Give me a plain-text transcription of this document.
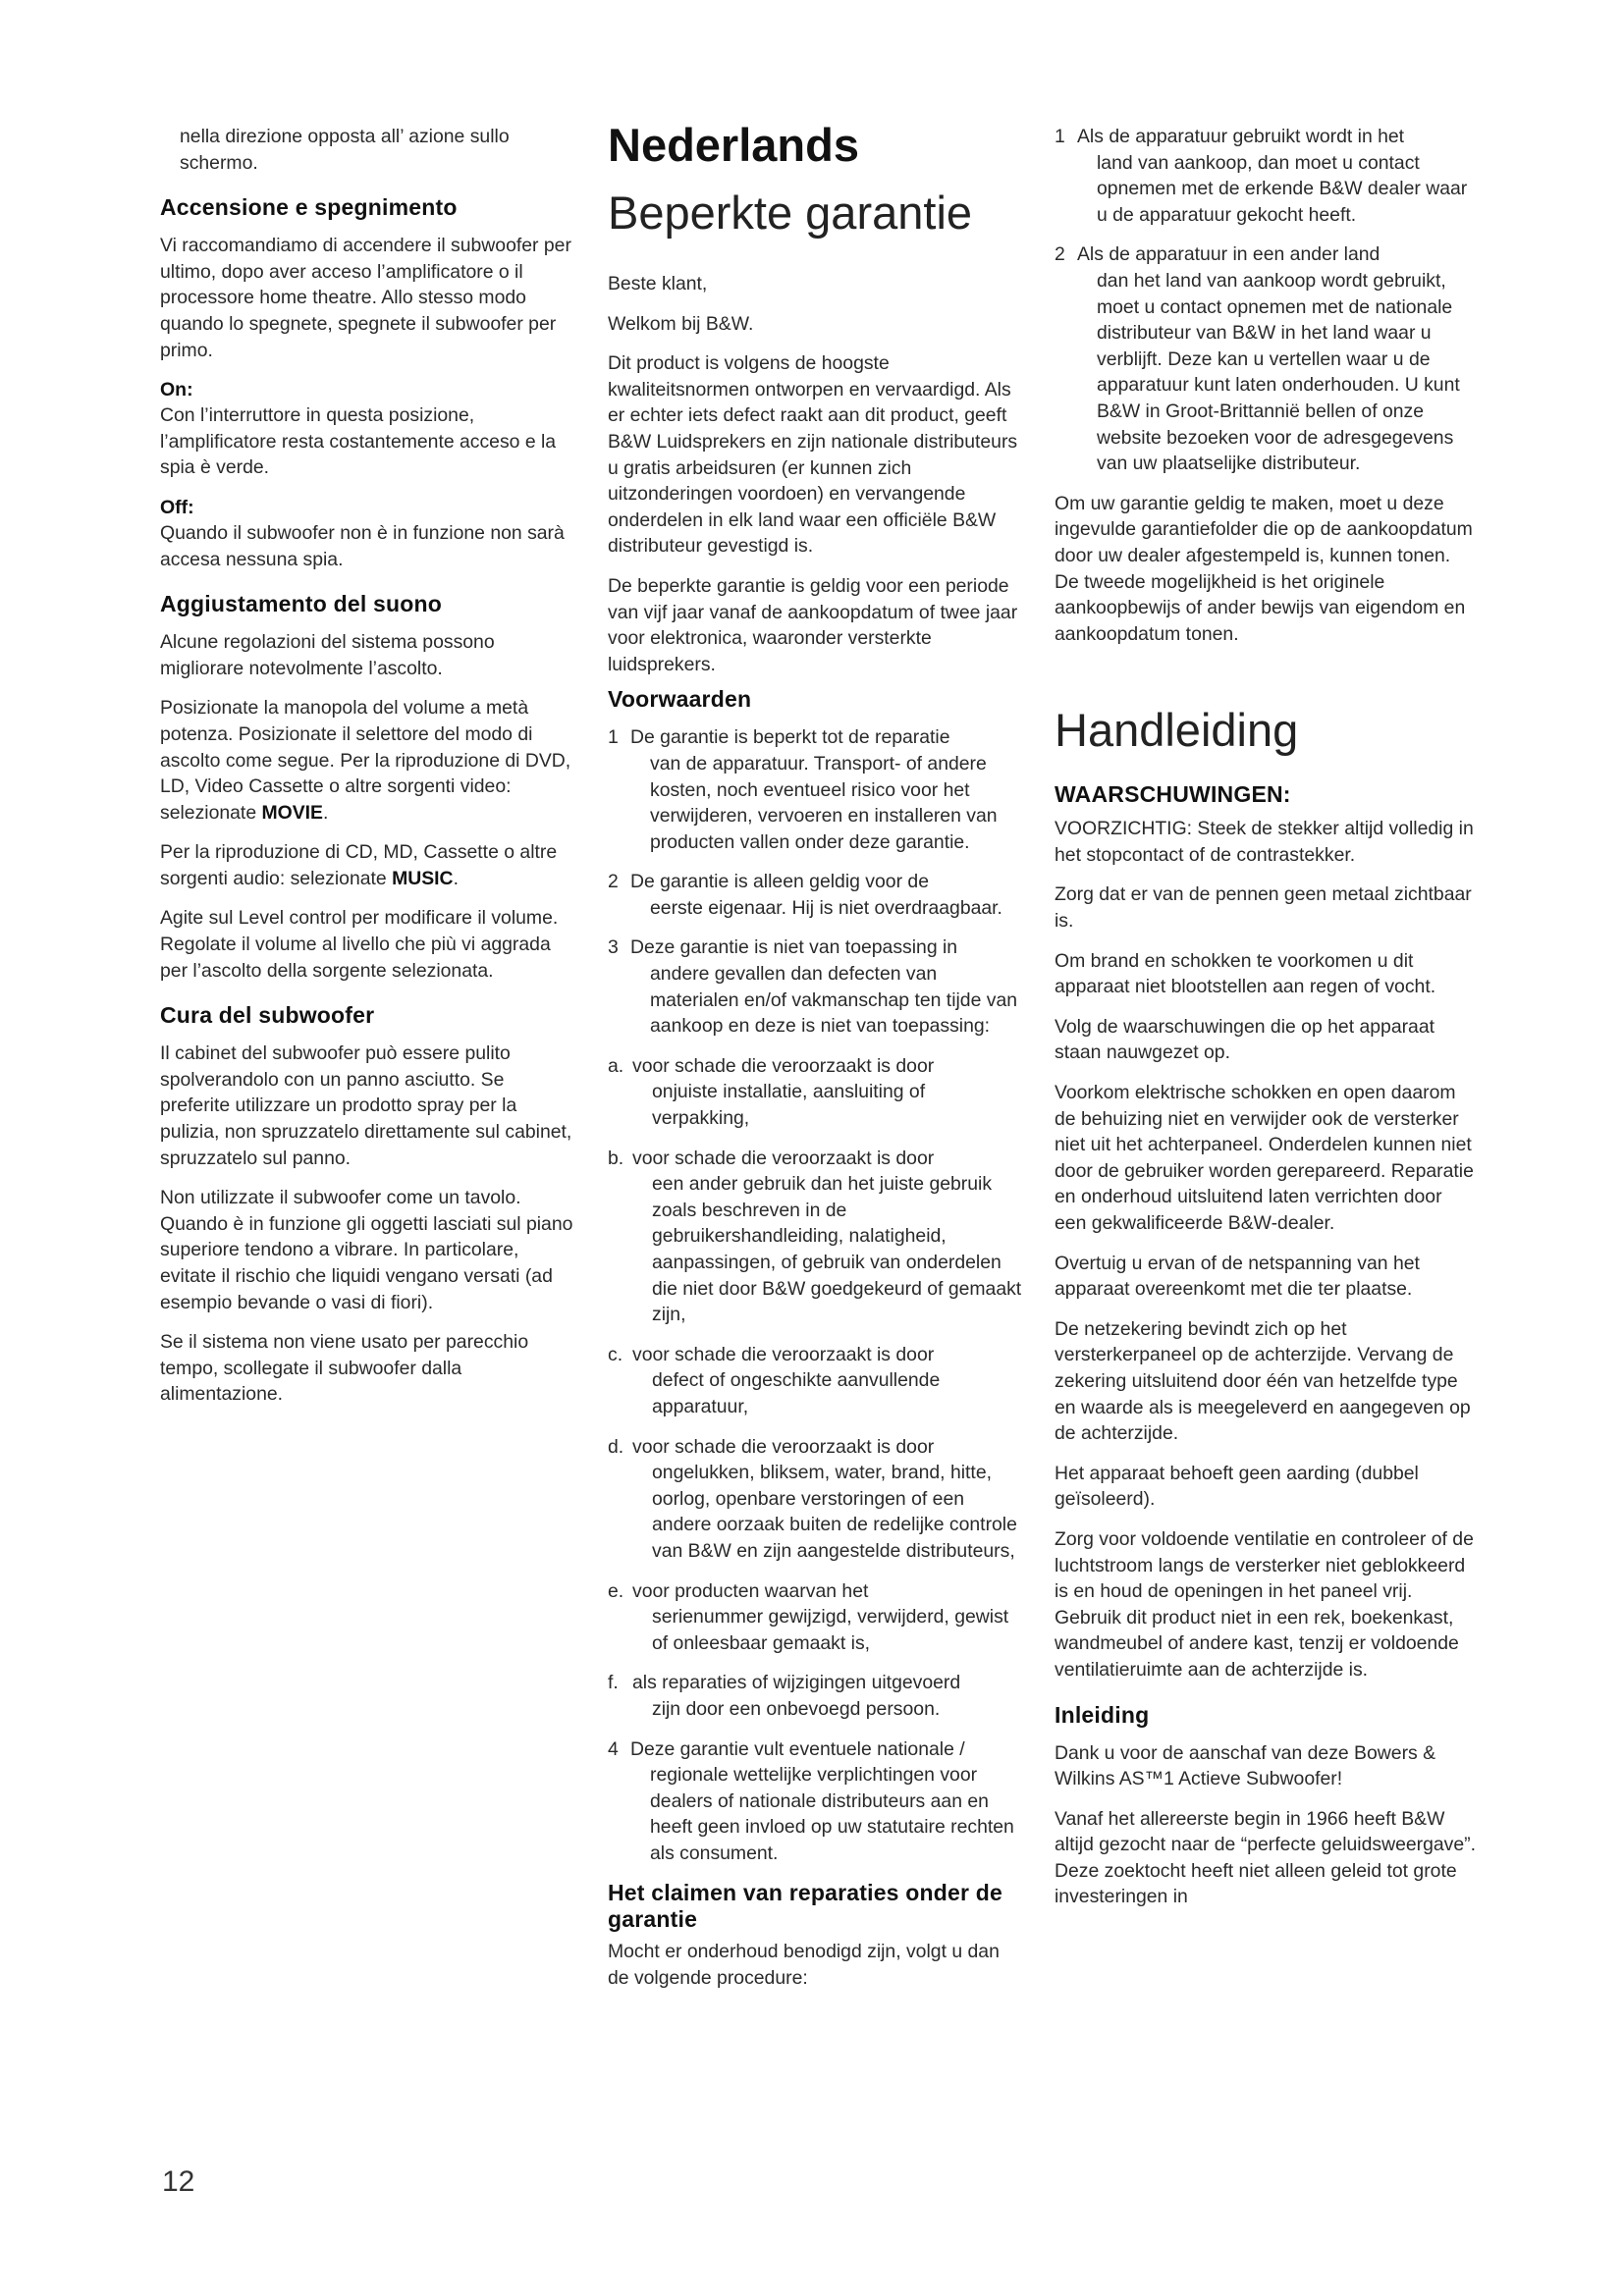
nella direzione opposta all’ azione sullo schermo.

Accensione e spegnimento

Vi raccomandiamo di accendere il subwoofer per ultimo, dopo aver acceso l’amplificatore o il processore home theatre. Allo stesso modo quando lo spegnete, spegnete il subwoofer per primo.

On:

Con l’interruttore in questa posizione, l’amplificatore resta costantemente acceso e la spia è verde.

Off:

Quando il subwoofer non è in funzione non sarà accesa nessuna spia.

Aggiustamento del suono

Alcune regolazioni del sistema possono migliorare notevolmente l’ascolto.

Posizionate la manopola del volume a metà potenza. Posizionate il selettore del modo di ascolto come segue. Per la riproduzione di DVD, LD, Video Cassette o altre sorgenti video: selezionate MOVIE.

Per la riproduzione di CD, MD, Cassette o altre sorgenti audio: selezionate MUSIC.

Agite sul Level control per modificare il volume. Regolate il volume al livello che più vi aggrada per l’ascolto della sorgente selezionata.

Cura del subwoofer

Il cabinet del subwoofer può essere pulito spolverandolo con un panno asciutto. Se preferite utilizzare un prodotto spray per la pulizia, non spruzzatelo direttamente sul cabinet, spruzzatelo sul panno.

Non utilizzate il subwoofer come un tavolo. Quando è in funzione gli oggetti lasciati sul piano superiore tendono a vibrare. In particolare, evitate il rischio che liquidi vengano versati (ad esempio bevande o vasi di fiori).

Se il sistema non viene usato per parecchio tempo, scollegate il subwoofer dalla alimentazione.

Nederlands
Beperkte garantie

Beste klant,

Welkom bij B&W.

Dit product is volgens de hoogste kwaliteitsnormen ontworpen en vervaardigd. Als er echter iets defect raakt aan dit product, geeft B&W Luidsprekers en zijn nationale distributeurs u gratis arbeidsuren (er kunnen zich uitzonderingen voordoen) en vervangende onderdelen in elk land waar een officiële B&W distributeur gevestigd is.

De beperkte garantie is geldig voor een periode van vijf jaar vanaf de aankoopdatum of twee jaar voor elektronica, waaronder versterkte luidsprekers.

Voorwaarden
1 De garantie is beperkt tot de reparatie
van de apparatuur. Transport- of andere kosten, noch eventueel risico voor het verwijderen, vervoeren en installeren van producten vallen onder deze garantie.
2 De garantie is alleen geldig voor de
eerste eigenaar. Hij is niet overdraagbaar.
3 Deze garantie is niet van toepassing in
andere gevallen dan defecten van materialen en/of vakmanschap ten tijde van aankoop en deze is niet van toepassing:
a. voor schade die veroorzaakt is door
onjuiste installatie, aansluiting of verpakking,
b. voor schade die veroorzaakt is door
een ander gebruik dan het juiste gebruik zoals beschreven in de gebruikershandleiding, nalatigheid, aanpassingen, of gebruik van onderdelen die niet door B&W goedgekeurd of gemaakt zijn,
c. voor schade die veroorzaakt is door
defect of ongeschikte aanvullende apparatuur,
d. voor schade die veroorzaakt is door
ongelukken, bliksem, water, brand, hitte, oorlog, openbare verstoringen of een andere oorzaak buiten de redelijke controle van B&W en zijn aangestelde distributeurs,
e. voor producten waarvan het
serienummer gewijzigd, verwijderd, gewist of onleesbaar gemaakt is,
f. als reparaties of wijzigingen uitgevoerd
zijn door een onbevoegd persoon.
4 Deze garantie vult eventuele nationale /
regionale wettelijke verplichtingen voor dealers of nationale distributeurs aan en heeft geen invloed op uw statutaire rechten als consument.
Het claimen van reparaties onder de garantie

Mocht er onderhoud benodigd zijn, volgt u dan de volgende procedure:

1 Als de apparatuur gebruikt wordt in het
land van aankoop, dan moet u contact opnemen met de erkende B&W dealer waar u de apparatuur gekocht heeft.
2 Als de apparatuur in een ander land
dan het land van aankoop wordt gebruikt, moet u contact opnemen met de nationale distributeur van B&W in het land waar u verblijft. Deze kan u vertellen waar u de apparatuur kunt laten onderhouden. U kunt B&W in Groot-Brittannië bellen of onze website bezoeken voor de adresgegevens van uw plaatselijke distributeur.

Om uw garantie geldig te maken, moet u deze ingevulde garantiefolder die op de aankoopdatum door uw dealer afgestempeld is, kunnen tonen. De tweede mogelijkheid is het originele aankoopbewijs of ander bewijs van eigendom en aankoopdatum tonen.

Handleiding
WAARSCHUWINGEN:

VOORZICHTIG: Steek de stekker altijd volledig in het stopcontact of de contrastekker.

Zorg dat er van de pennen geen metaal zichtbaar is.

Om brand en schokken te voorkomen u dit apparaat niet blootstellen aan regen of vocht.

Volg de waarschuwingen die op het apparaat staan nauwgezet op.

Voorkom elektrische schokken en open daarom de behuizing niet en verwijder ook de versterker niet uit het achterpaneel. Onderdelen kunnen niet door de gebruiker worden gerepareerd. Reparatie en onderhoud uitsluitend laten verrichten door een gekwalificeerde B&W-dealer.

Overtuig u ervan of de netspanning van het apparaat overeenkomt met die ter plaatse.

De netzekering bevindt zich op het versterkerpaneel op de achterzijde. Vervang de zekering uitsluitend door één van hetzelfde type en waarde als is meegeleverd en aangegeven op de achterzijde.

Het apparaat behoeft geen aarding (dubbel geïsoleerd).

Zorg voor voldoende ventilatie en controleer of de luchtstroom langs de versterker niet geblokkeerd is en houd de openingen in het paneel vrij. Gebruik dit product niet in een rek, boekenkast, wandmeubel of andere kast, tenzij er voldoende ventilatieruimte aan de achterzijde is.

Inleiding

Dank u voor de aanschaf van deze Bowers & Wilkins AS™1 Actieve Subwoofer!

Vanaf het allereerste begin in 1966 heeft B&W altijd gezocht naar de “perfecte geluidsweergave”. Deze zoektocht heeft niet alleen geleid tot grote investeringen in

12
